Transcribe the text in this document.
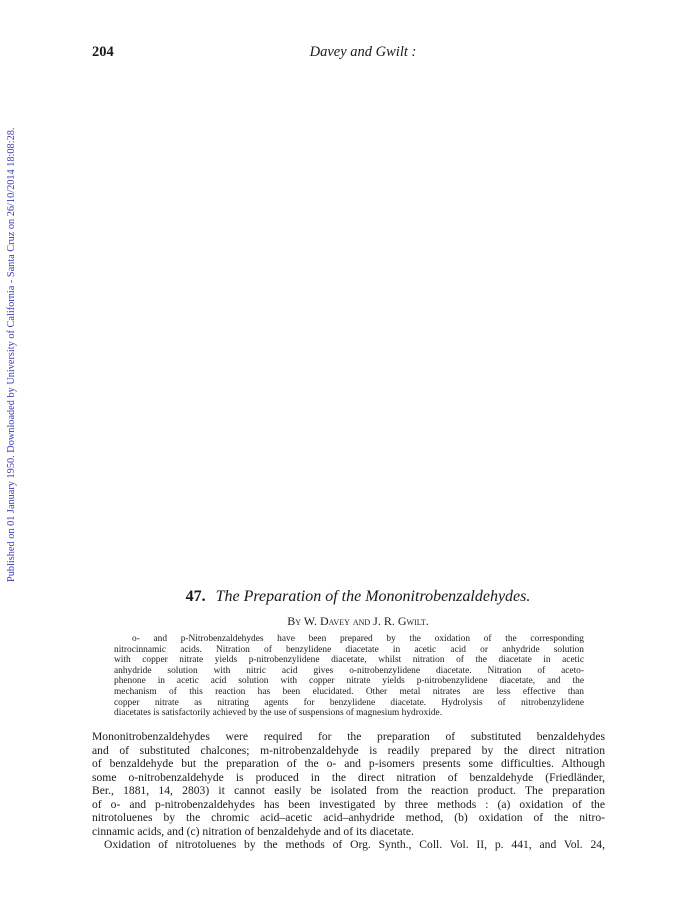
Published on 01 January 1950. Downloaded by University of California - Santa Cruz on 26/10/2014 18:08:28.
204	Davey and Gwilt :
47. The Preparation of the Mononitrobenzaldehydes.
By W. Davey and J. R. Gwilt.
o- and p-Nitrobenzaldehydes have been prepared by the oxidation of the corresponding
nitrocinnamic acids. Nitration of benzylidene diacetate in acetic acid or anhydride solution
with copper nitrate yields p-nitrobenzylidene diacetate, whilst nitration of the diacetate in acetic
anhydride solution with nitric acid gives o-nitrobenzylidene diacetate. Nitration of aceto-
phenone in acetic acid solution with copper nitrate yields p-nitrobenzylidene diacetate, and the
mechanism of this reaction has been elucidated. Other metal nitrates are less effective than
copper nitrate as nitrating agents for benzylidene diacetate. Hydrolysis of nitrobenzylidene
diacetates is satisfactorily achieved by the use of suspensions of magnesium hydroxide.
Mononitrobenzaldehydes were required for the preparation of substituted benzaldehydes
and of substituted chalcones; m-nitrobenzaldehyde is readily prepared by the direct nitration
of benzaldehyde but the preparation of the o- and p-isomers presents some difficulties. Although
some o-nitrobenzaldehyde is produced in the direct nitration of benzaldehyde (Friedländer,
Ber., 1881, 14, 2803) it cannot easily be isolated from the reaction product. The preparation
of o- and p-nitrobenzaldehydes has been investigated by three methods : (a) oxidation of the
nitrotoluenes by the chromic acid–acetic acid–anhydride method, (b) oxidation of the nitro-
cinnamic acids, and (c) nitration of benzaldehyde and of its diacetate.
Oxidation of nitrotoluenes by the methods of Org. Synth., Coll. Vol. II, p. 441, and Vol. 24,
